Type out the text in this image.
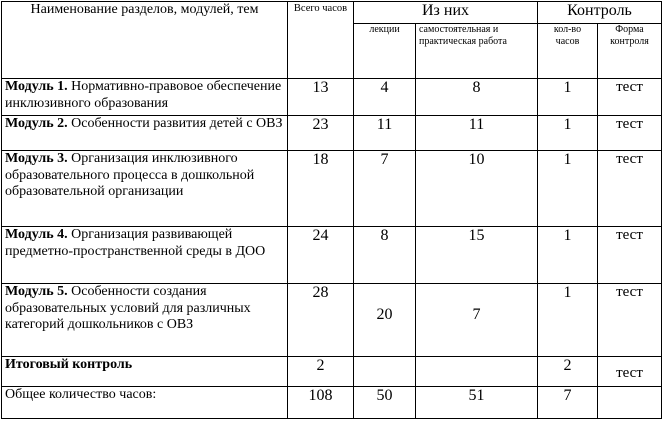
Наименование разделов, модулей, тем	Всего часов	Из них		Контроль	
		лекции	самостоятельная и практическая работа	кол-во часов	Форма контроля
Модуль 1. Нормативно-правовое обеспечение инклюзивного образования	13	4	8	1	тест
Модуль 2. Особенности развития детей с ОВЗ	23	11	11	1	тест
Модуль 3. Организация инклюзивного образовательного процесса в дошкольной образовательной организации	18	7	10	1	тест
Модуль 4. Организация развивающей предметно-пространственной среды в ДОО	24	8	15	1	тест
Модуль 5. Особенности создания образовательных условий для различных категорий дошкольников с ОВЗ	28	20	7	1	тест
Итоговый контроль	2			2	тест
Общее количество часов:	108	50	51	7	
